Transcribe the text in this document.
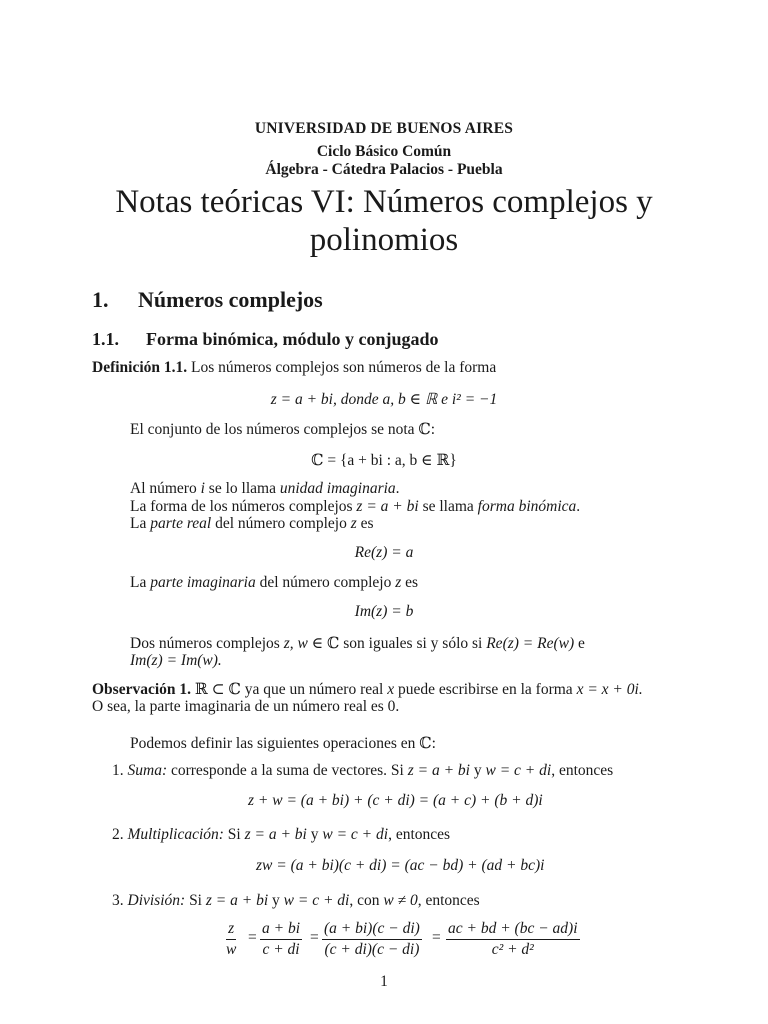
UNIVERSIDAD DE BUENOS AIRES
Ciclo Básico Común
Álgebra - Cátedra Palacios - Puebla
Notas teóricas VI: Números complejos y
polinomios
1. Números complejos
1.1. Forma binómica, módulo y conjugado
Definición 1.1. Los números complejos son números de la forma
z = a + bi, donde a, b ∈ ℝ e i² = −1
El conjunto de los números complejos se nota ℂ:
ℂ = {a + bi : a, b ∈ ℝ}
Al número i se lo llama unidad imaginaria.
La forma de los números complejos z = a + bi se llama forma binómica.
La parte real del número complejo z es
Re(z) = a
La parte imaginaria del número complejo z es
Im(z) = b
Dos números complejos z, w ∈ ℂ son iguales si y sólo si Re(z) = Re(w) e
Im(z) = Im(w).
Observación 1. ℝ ⊂ ℂ ya que un número real x puede escribirse en la forma x = x + 0i.
O sea, la parte imaginaria de un número real es 0.
Podemos definir las siguientes operaciones en ℂ:
1. Suma: corresponde a la suma de vectores. Si z = a + bi y w = c + di, entonces
z + w = (a + bi) + (c + di) = (a + c) + (b + d)i
2. Multiplicación: Si z = a + bi y w = c + di, entonces
zw = (a + bi)(c + di) = (ac − bd) + (ad + bc)i
3. División: Si z = a + bi y w = c + di, con w ≠ 0, entonces
$\frac{z}{w} = \frac{a + bi}{c + di} = \frac{(a + bi)(c - di)}{(c + di)(c - di)} = \frac{ac + bd + (bc - ad)i}{\text{c² + d²}}$
1
